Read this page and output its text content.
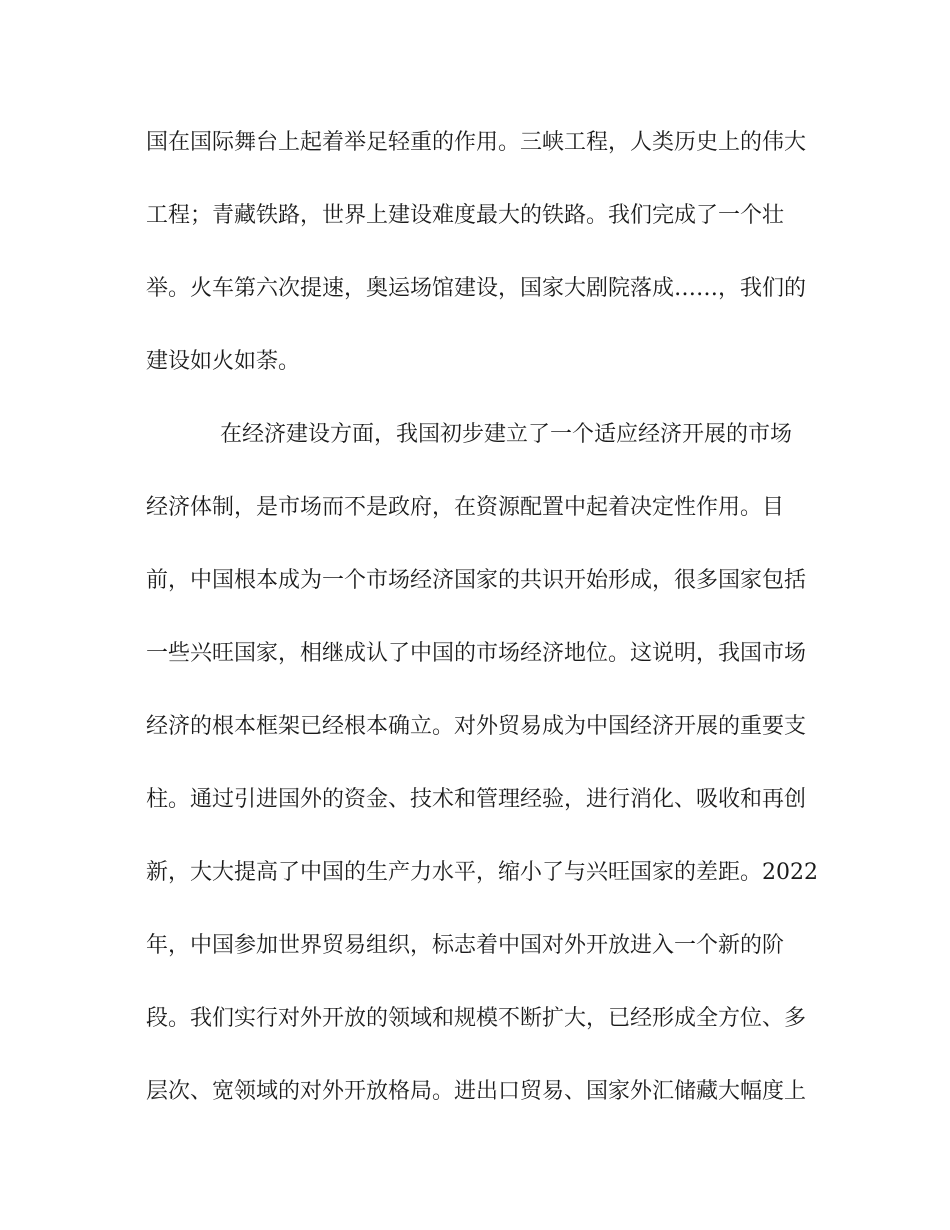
国在国际舞台上起着举足轻重的作用。三峡工程，人类历史上的伟大
工程；青藏铁路，世界上建设难度最大的铁路。我们完成了一个壮
举。火车第六次提速，奥运场馆建设，国家大剧院落成……，我们的
建设如火如荼。
在经济建设方面，我国初步建立了一个适应经济开展的市场
经济体制，是市场而不是政府，在资源配置中起着决定性作用。目
前，中国根本成为一个市场经济国家的共识开始形成，很多国家包括
一些兴旺国家，相继成认了中国的市场经济地位。这说明，我国市场
经济的根本框架已经根本确立。对外贸易成为中国经济开展的重要支
柱。通过引进国外的资金、技术和管理经验，进行消化、吸收和再创
新，大大提高了中国的生产力水平，缩小了与兴旺国家的差距。2022
年，中国参加世界贸易组织，标志着中国对外开放进入一个新的阶
段。我们实行对外开放的领域和规模不断扩大，已经形成全方位、多
层次、宽领域的对外开放格局。进出口贸易、国家外汇储藏大幅度上
